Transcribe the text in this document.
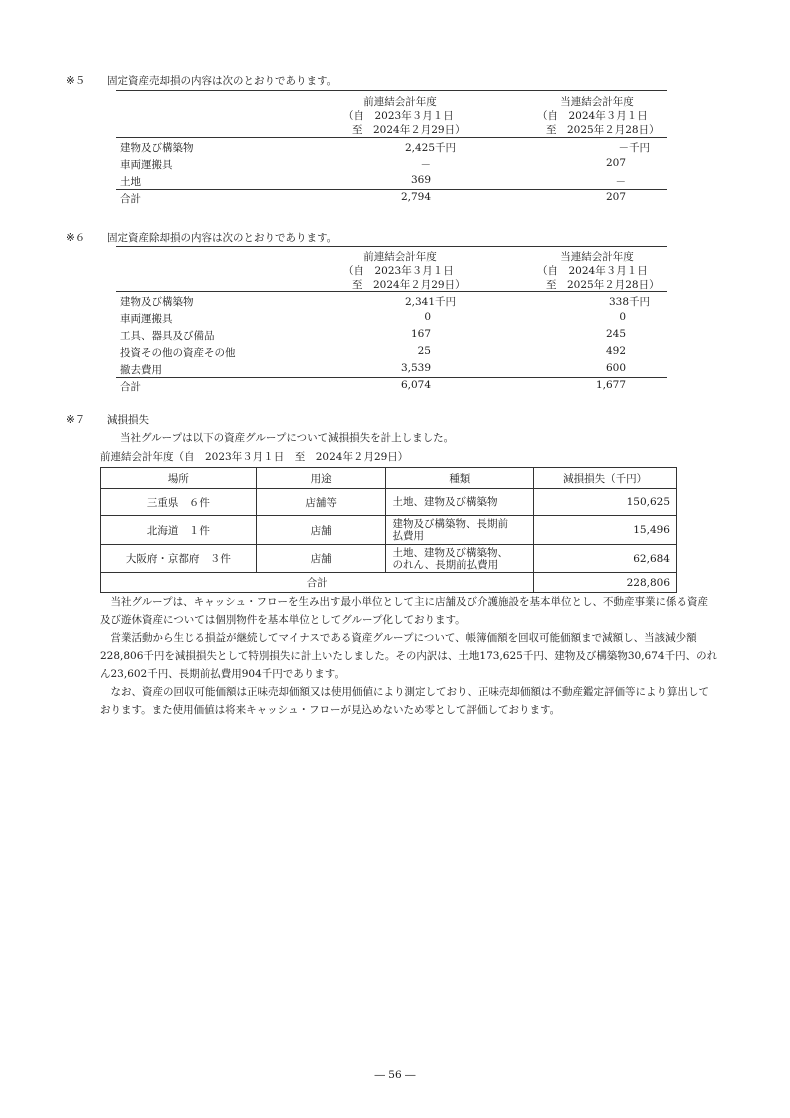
※５ 固定資産売却損の内容は次のとおりであります。
前連結会計年度
（自　2023年３月１日
至　2024年２月29日）
当連結会計年度
（自　2024年３月１日
至　2025年２月28日）
建物及び構築物	2,425千円	－千円
車両運搬具	－	207
土地	369	－
合計	2,794	207
※６ 固定資産除却損の内容は次のとおりであります。
前連結会計年度
（自　2023年３月１日
至　2024年２月29日）
当連結会計年度
（自　2024年３月１日
至　2025年２月28日）
建物及び構築物	2,341千円	338千円
車両運搬具	0	0
工具、器具及び備品	167	245
投資その他の資産その他	25	492
撤去費用	3,539	600
合計	6,074	1,677
※７ 減損損失
当社グループは以下の資産グループについて減損損失を計上しました。
前連結会計年度（自　2023年３月１日　至　2024年２月29日）
場所	用途	種類	減損損失（千円）
三重県　６件	店舗等	土地、建物及び構築物	150,625
北海道　１件	店舗	建物及び構築物、長期前
払費用	15,496
大阪府・京都府　３件	店舗	土地、建物及び構築物、
のれん、長期前払費用	62,684
合計			228,806
当社グループは、キャッシュ・フローを生み出す最小単位として主に店舗及び介護施設を基本単位とし、不動産事業に係る資産及び遊休資産については個別物件を基本単位としてグループ化しております。
営業活動から生じる損益が継続してマイナスである資産グループについて、帳簿価額を回収可能価額まで減額し、当該減少額228,806千円を減損損失として特別損失に計上いたしました。その内訳は、土地173,625千円、建物及び構築物30,674千円、のれん23,602千円、長期前払費用904千円であります。
なお、資産の回収可能価額は正味売却価額又は使用価値により測定しており、正味売却価額は不動産鑑定評価等により算出しております。また使用価値は将来キャッシュ・フローが見込めないため零として評価しております。
― 56 ―
